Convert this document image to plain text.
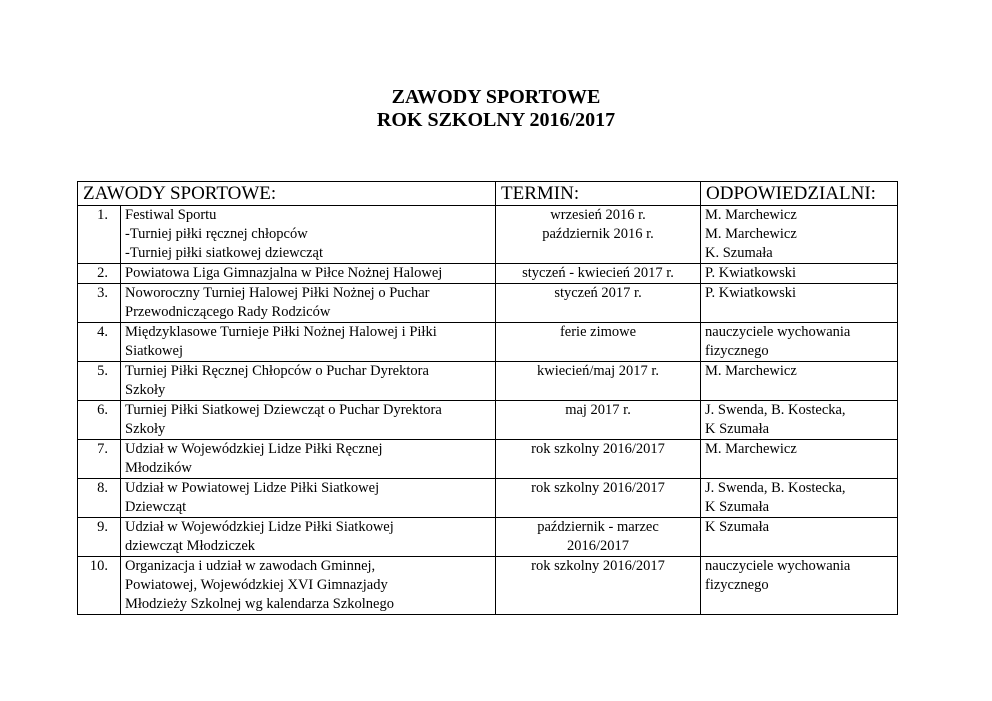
ZAWODY SPORTOWE
ROK SZKOLNY 2016/2017
ZAWODY SPORTOWE:		TERMIN:	ODPOWIEDZIALNI:
1.	Festiwal Sportu
-Turniej piłki ręcznej chłopców
-Turniej piłki siatkowej dziewcząt	wrzesień 2016 r.
październik 2016 r.	M. Marchewicz
M. Marchewicz
K. Szumała

2.	Powiatowa Liga Gimnazjalna w Piłce Nożnej Halowej	styczeń - kwiecień 2017 r.	P. Kwiatkowski

3.	Noworoczny Turniej Halowej Piłki Nożnej o Puchar
Przewodniczącego Rady Rodziców	styczeń 2017 r.	P. Kwiatkowski

4.	Międzyklasowe Turnieje Piłki Nożnej Halowej i Piłki
Siatkowej	ferie zimowe	nauczyciele wychowania
fizycznego

5.	Turniej Piłki Ręcznej Chłopców o Puchar Dyrektora
Szkoły	kwiecień/maj 2017 r.	M. Marchewicz

6.	Turniej Piłki Siatkowej Dziewcząt o Puchar Dyrektora
Szkoły	maj 2017 r.	J. Swenda, B. Kostecka,
K Szumała

7.	Udział w Wojewódzkiej Lidze Piłki Ręcznej
Młodzików	rok szkolny 2016/2017	M. Marchewicz

8.	Udział w Powiatowej Lidze Piłki Siatkowej
Dziewcząt	rok szkolny 2016/2017	J. Swenda, B. Kostecka,
K Szumała

9.	Udział w Wojewódzkiej Lidze Piłki Siatkowej
dziewcząt Młodziczek	październik - marzec
2016/2017	K Szumała

10.	Organizacja i udział w zawodach Gminnej,
Powiatowej, Wojewódzkiej XVI Gimnazjady
Młodzieży Szkolnej wg kalendarza Szkolnego	rok szkolny 2016/2017	nauczyciele wychowania
fizycznego
